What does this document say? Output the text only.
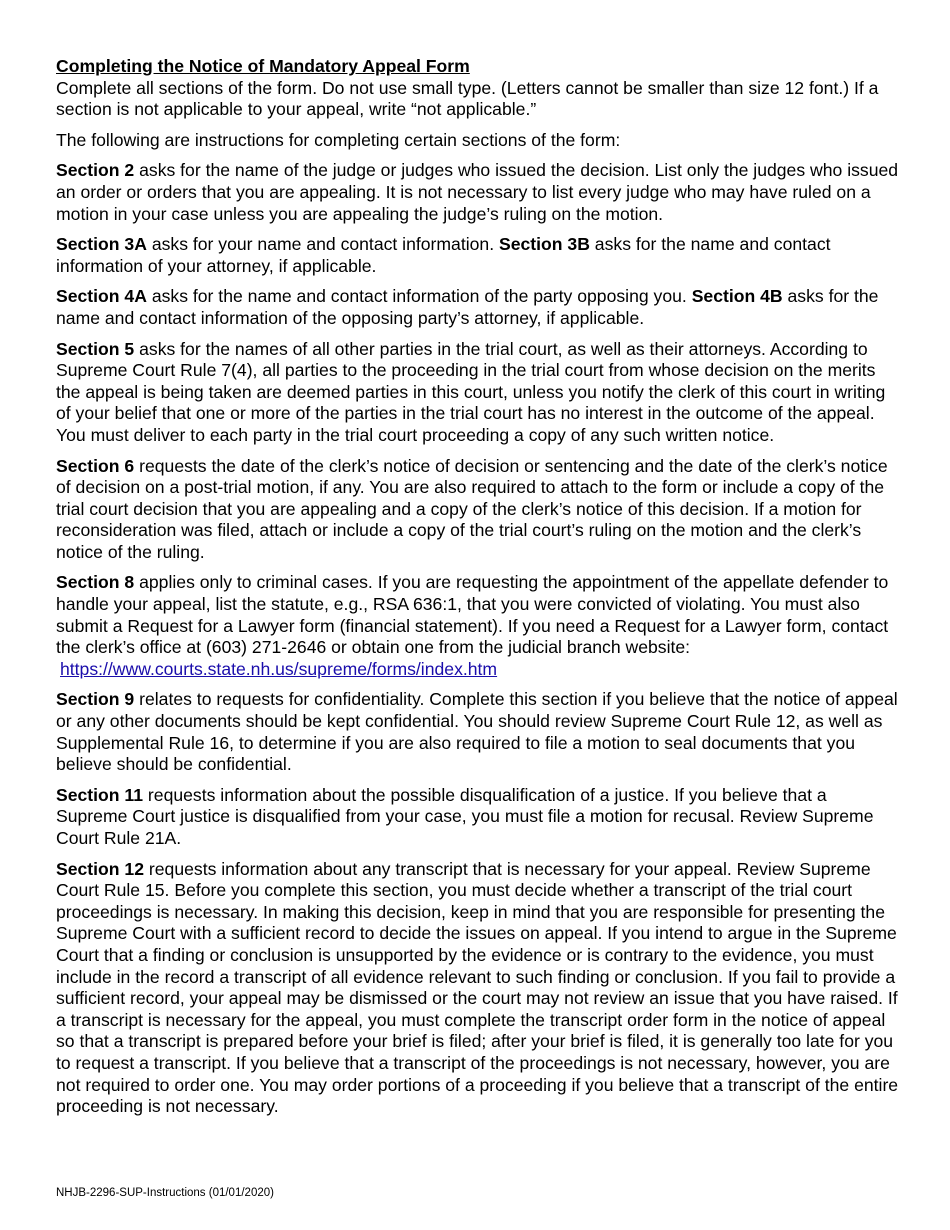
Completing the Notice of Mandatory Appeal Form

Complete all sections of the form. Do not use small type. (Letters cannot be smaller than size 12 font.) If a section is not applicable to your appeal, write “not applicable.”

The following are instructions for completing certain sections of the form:

Section 2 asks for the name of the judge or judges who issued the decision. List only the judges who issued an order or orders that you are appealing. It is not necessary to list every judge who may have ruled on a motion in your case unless you are appealing the judge’s ruling on the motion.

Section 3A asks for your name and contact information. Section 3B asks for the name and contact information of your attorney, if applicable.

Section 4A asks for the name and contact information of the party opposing you. Section 4B asks for the name and contact information of the opposing party’s attorney, if applicable.

Section 5 asks for the names of all other parties in the trial court, as well as their attorneys. According to Supreme Court Rule 7(4), all parties to the proceeding in the trial court from whose decision on the merits the appeal is being taken are deemed parties in this court, unless you notify the clerk of this court in writing of your belief that one or more of the parties in the trial court has no interest in the outcome of the appeal. You must deliver to each party in the trial court proceeding a copy of any such written notice.

Section 6 requests the date of the clerk’s notice of decision or sentencing and the date of the clerk’s notice of decision on a post-trial motion, if any. You are also required to attach to the form or include a copy of the trial court decision that you are appealing and a copy of the clerk’s notice of this decision. If a motion for reconsideration was filed, attach or include a copy of the trial court’s ruling on the motion and the clerk’s notice of the ruling.

Section 8 applies only to criminal cases. If you are requesting the appointment of the appellate defender to handle your appeal, list the statute, e.g., RSA 636:1, that you were convicted of violating. You must also submit a Request for a Lawyer form (financial statement). If you need a Request for a Lawyer form, contact the clerk’s office at (603) 271-2646 or obtain one from the judicial branch website: https://www.courts.state.nh.us/supreme/forms/index.htm

Section 9 relates to requests for confidentiality. Complete this section if you believe that the notice of appeal or any other documents should be kept confidential. You should review Supreme Court Rule 12, as well as Supplemental Rule 16, to determine if you are also required to file a motion to seal documents that you believe should be confidential.

Section 11 requests information about the possible disqualification of a justice. If you believe that a Supreme Court justice is disqualified from your case, you must file a motion for recusal. Review Supreme Court Rule 21A.

Section 12 requests information about any transcript that is necessary for your appeal. Review Supreme Court Rule 15. Before you complete this section, you must decide whether a transcript of the trial court proceedings is necessary. In making this decision, keep in mind that you are responsible for presenting the Supreme Court with a sufficient record to decide the issues on appeal. If you intend to argue in the Supreme Court that a finding or conclusion is unsupported by the evidence or is contrary to the evidence, you must include in the record a transcript of all evidence relevant to such finding or conclusion. If you fail to provide a sufficient record, your appeal may be dismissed or the court may not review an issue that you have raised. If a transcript is necessary for the appeal, you must complete the transcript order form in the notice of appeal so that a transcript is prepared before your brief is filed; after your brief is filed, it is generally too late for you to request a transcript. If you believe that a transcript of the proceedings is not necessary, however, you are not required to order one. You may order portions of a proceeding if you believe that a transcript of the entire proceeding is not necessary.

NHJB-2296-SUP-Instructions (01/01/2020)
